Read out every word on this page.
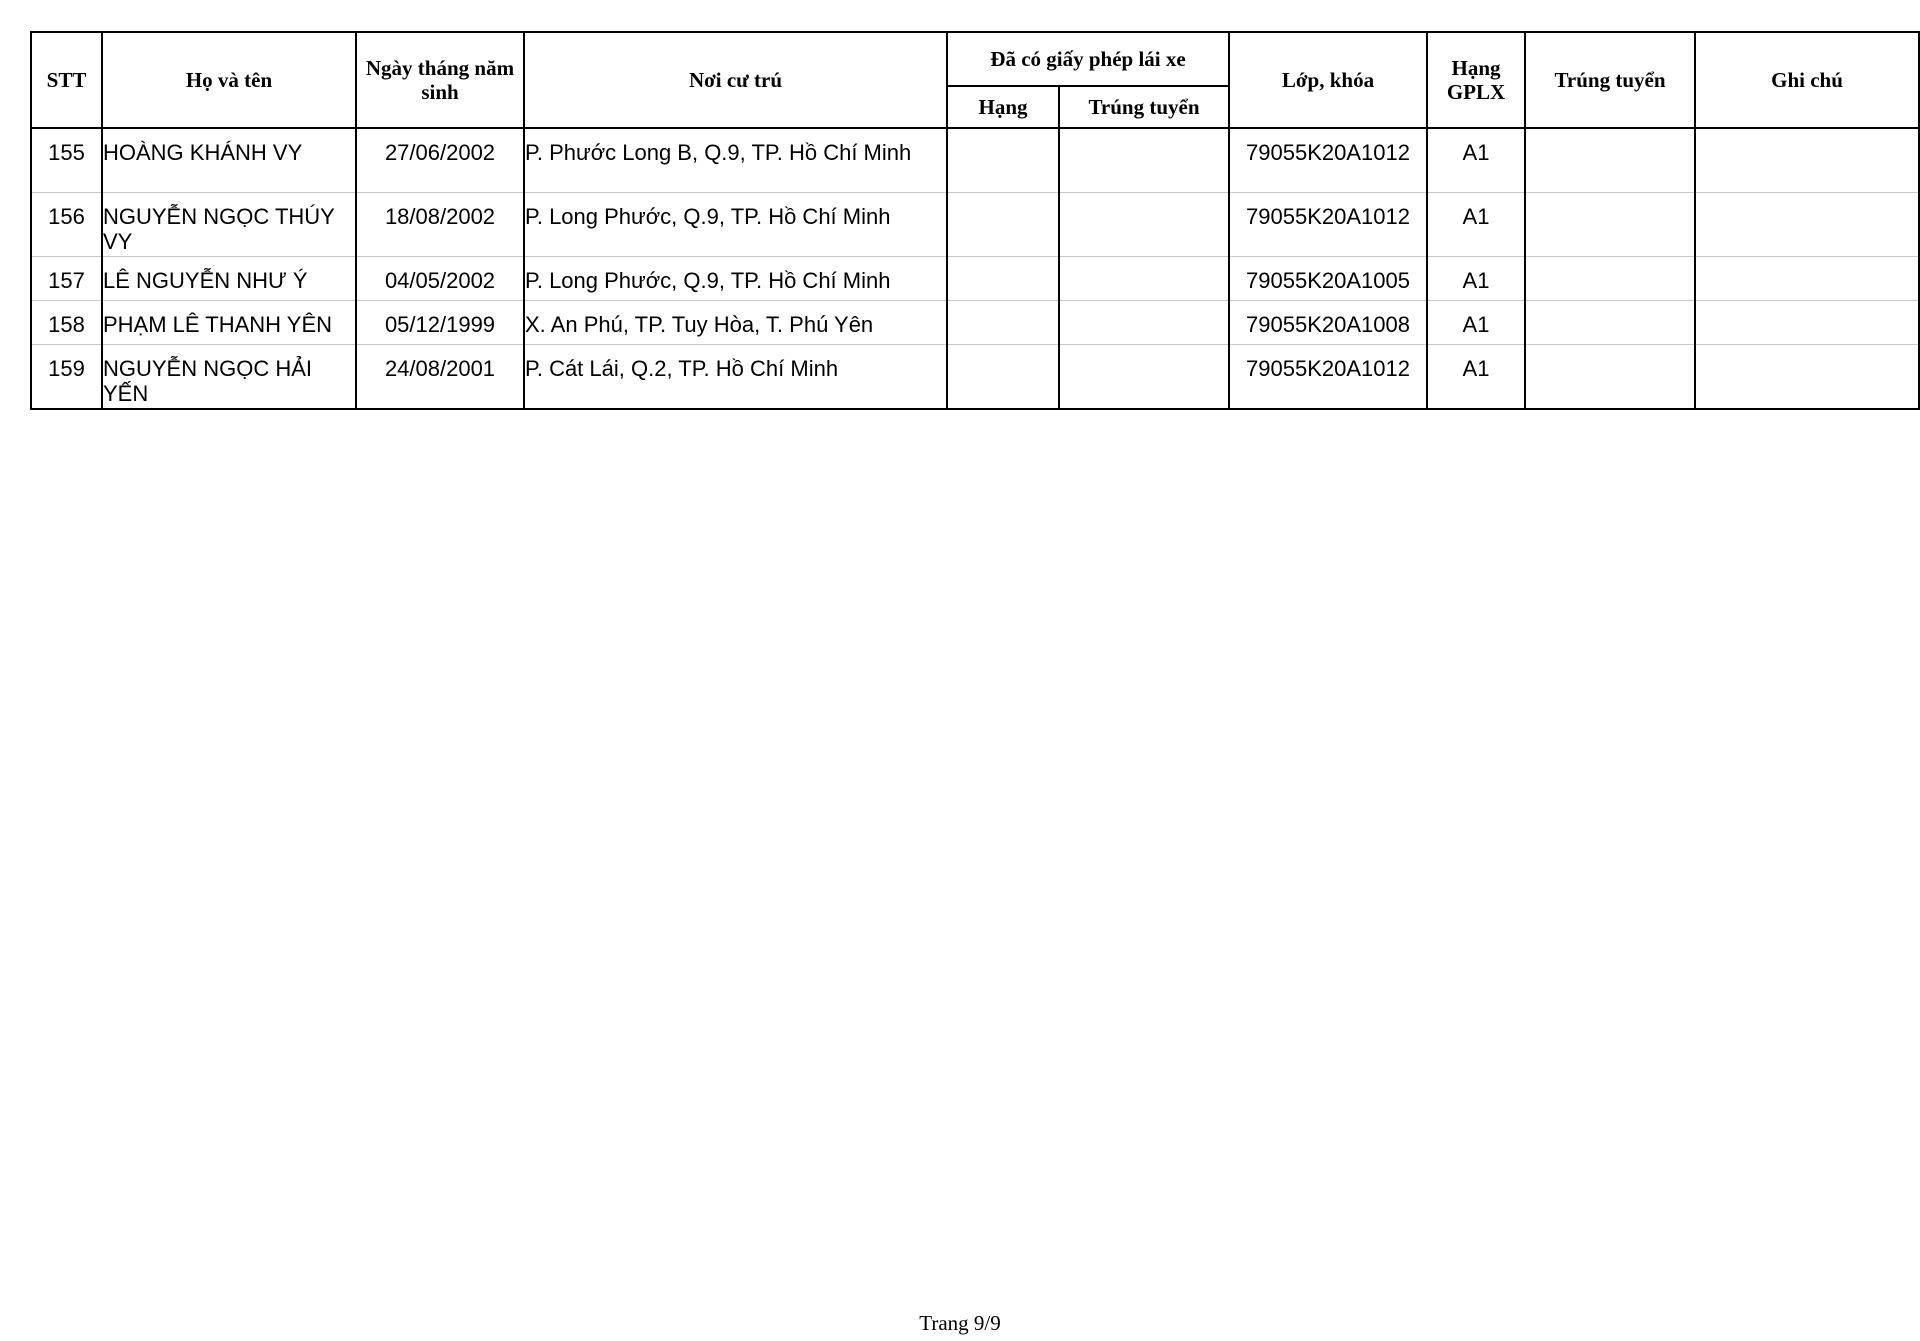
STT	Họ và tên	Ngày tháng năm sinh	Nơi cư trú	Đã có giấy phép lái xe		Lớp, khóa	Hạng GPLX	Trúng tuyển	Ghi chú
				Hạng	Trúng tuyển				
155	HOÀNG KHÁNH VY	27/06/2002	P. Phước Long B, Q.9, TP. Hồ Chí Minh			79055K20A1012	A1		
156	NGUYỄN NGỌC THÚY VY	18/08/2002	P. Long Phước, Q.9, TP. Hồ Chí Minh			79055K20A1012	A1		
157	LÊ NGUYỄN NHƯ Ý	04/05/2002	P. Long Phước, Q.9, TP. Hồ Chí Minh			79055K20A1005	A1		
158	PHẠM LÊ THANH YÊN	05/12/1999	X. An Phú, TP. Tuy Hòa, T. Phú Yên			79055K20A1008	A1		
159	NGUYỄN NGỌC HẢI YẾN	24/08/2001	P. Cát Lái, Q.2, TP. Hồ Chí Minh			79055K20A1012	A1		
Trang 9/9
